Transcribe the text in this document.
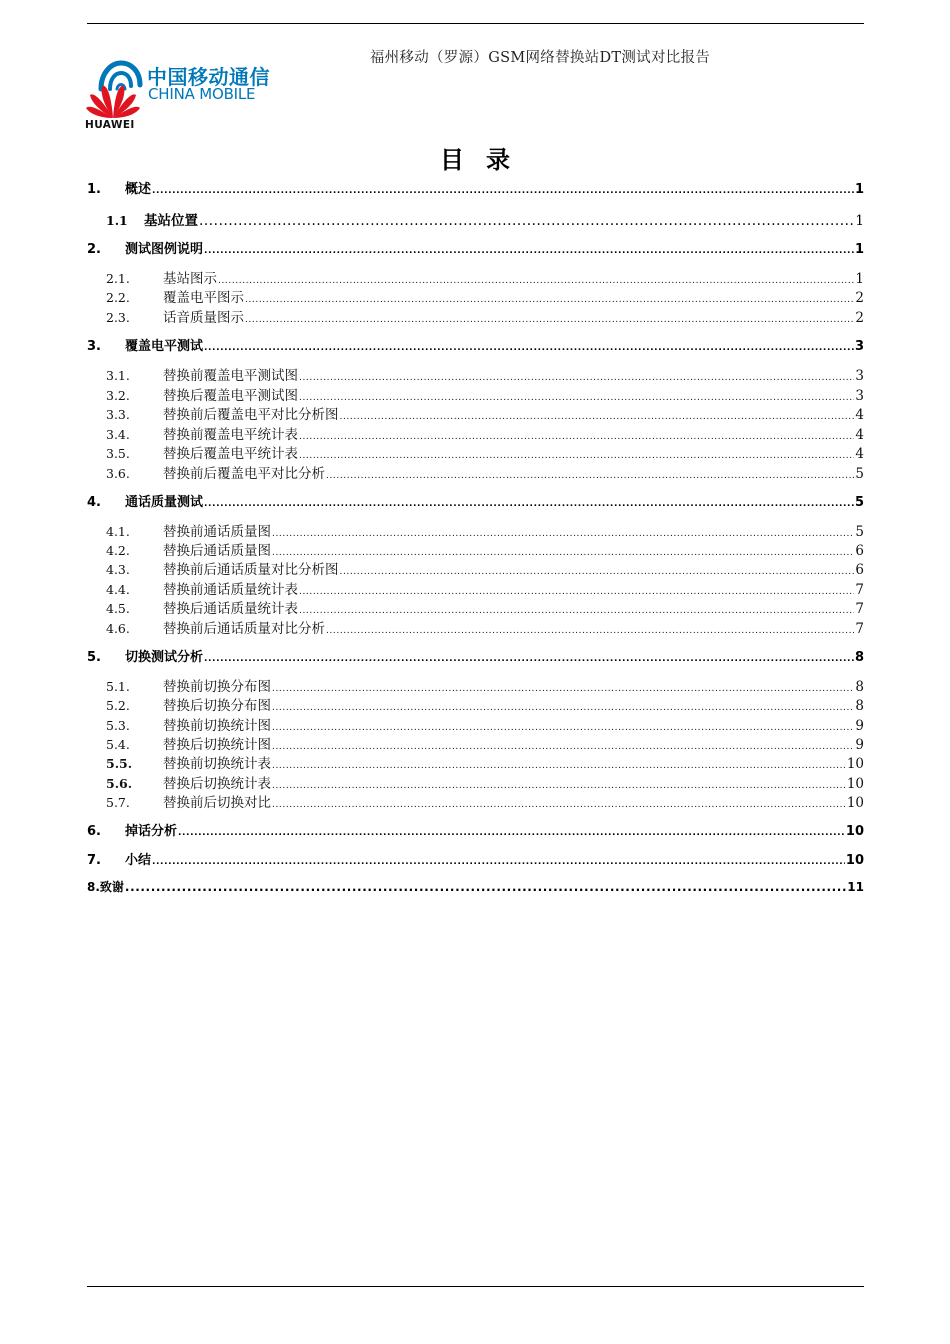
福州移动（罗源）GSM网络替换站DT测试对比报告
中国移动通信
CHINA MOBILE
HUAWEI
目录
1.	概述 .....	1
1.1	基站位置 .....	1
2.	测试图例说明 .....	1
2.1.	基站图示 .....	1
2.2.	覆盖电平图示 .....	2
2.3.	话音质量图示 .....	2
3.	覆盖电平测试 .....	3
3.1.	替换前覆盖电平测试图 .....	3
3.2.	替换后覆盖电平测试图 .....	3
3.3.	替换前后覆盖电平对比分析图 .....	4
3.4.	替换前覆盖电平统计表 .....	4
3.5.	替换后覆盖电平统计表 .....	4
3.6.	替换前后覆盖电平对比分析 .....	5
4.	通话质量测试 .....	5
4.1.	替换前通话质量图 .....	5
4.2.	替换后通话质量图 .....	6
4.3.	替换前后通话质量对比分析图 .....	6
4.4.	替换前通话质量统计表 .....	7
4.5.	替换后通话质量统计表 .....	7
4.6.	替换前后通话质量对比分析 .....	7
5.	切换测试分析 .....	8
5.1.	替换前切换分布图 .....	8
5.2.	替换后切换分布图 .....	8
5.3.	替换前切换统计图 .....	9
5.4.	替换后切换统计图 .....	9
5.5.	替换前切换统计表 .....	10
5.6.	替换后切换统计表 .....	10
5.7.	替换前后切换对比 .....	10
6.	掉话分析 .....	10
7.	小结 .....	10
8.致谢 .....	11
